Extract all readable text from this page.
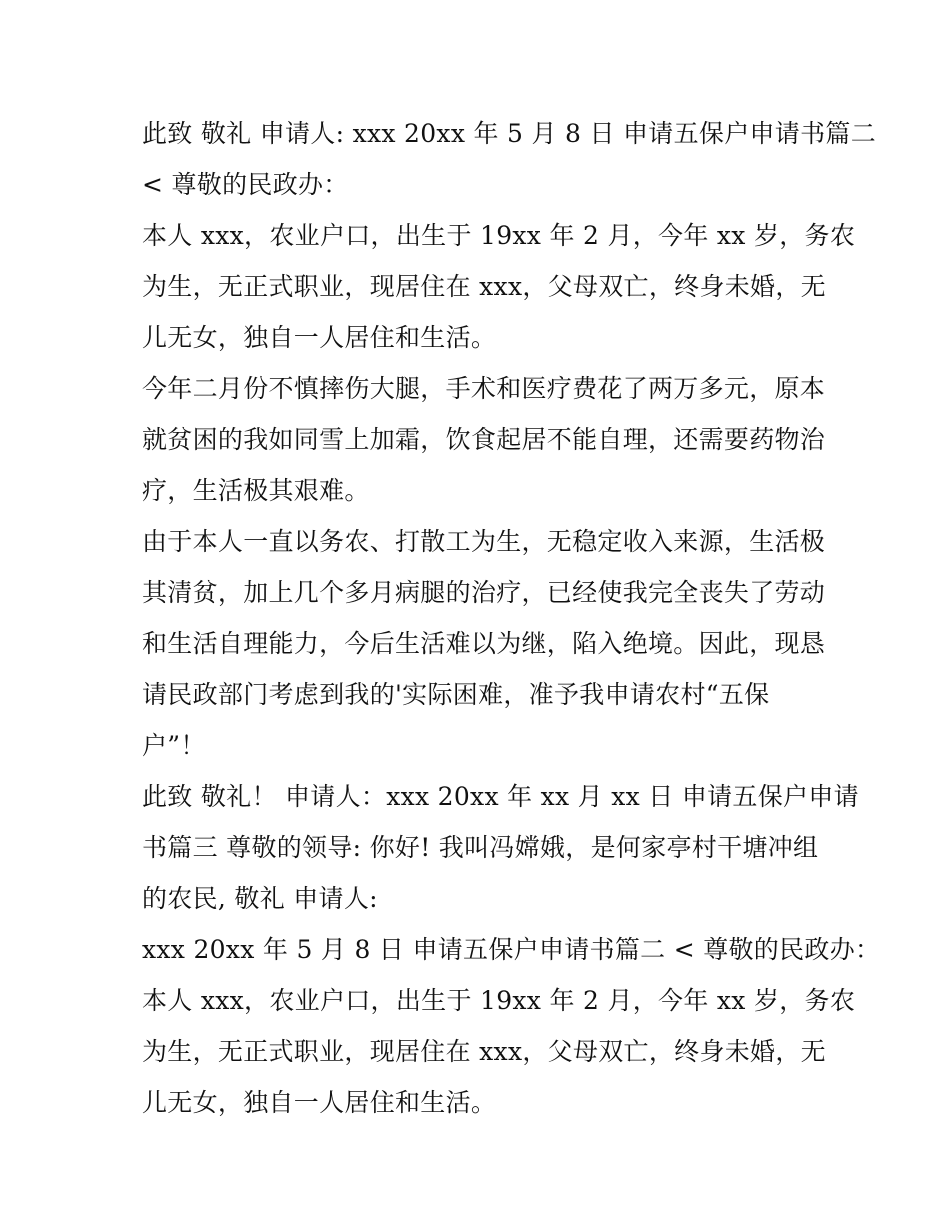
此致 敬礼 申请人: xxx 20xx 年 5 月 8 日 申请五保户申请书篇二
< 尊敬的民政办：
本人 xxx，农业户口，出生于 19xx 年 2 月，今年 xx 岁，务农
为生，无正式职业，现居住在 xxx，父母双亡，终身未婚，无
儿无女，独自一人居住和生活。
今年二月份不慎摔伤大腿，手术和医疗费花了两万多元，原本
就贫困的我如同雪上加霜，饮食起居不能自理，还需要药物治
疗，生活极其艰难。
由于本人一直以务农、打散工为生，无稳定收入来源，生活极
其清贫，加上几个多月病腿的治疗，已经使我完全丧失了劳动
和生活自理能力，今后生活难以为继，陷入绝境。因此，现恳
请民政部门考虑到我的'实际困难，准予我申请农村“五保
户”！
此致 敬礼！ 申请人：xxx 20xx 年 xx 月 xx 日 申请五保户申请
书篇三 尊敬的领导: 你好! 我叫冯嫦娥，是何家亭村干塘冲组
的农民, 敬礼 申请人:
xxx 20xx 年 5 月 8 日 申请五保户申请书篇二 < 尊敬的民政办：
本人 xxx，农业户口，出生于 19xx 年 2 月，今年 xx 岁，务农
为生，无正式职业，现居住在 xxx，父母双亡，终身未婚，无
儿无女，独自一人居住和生活。
